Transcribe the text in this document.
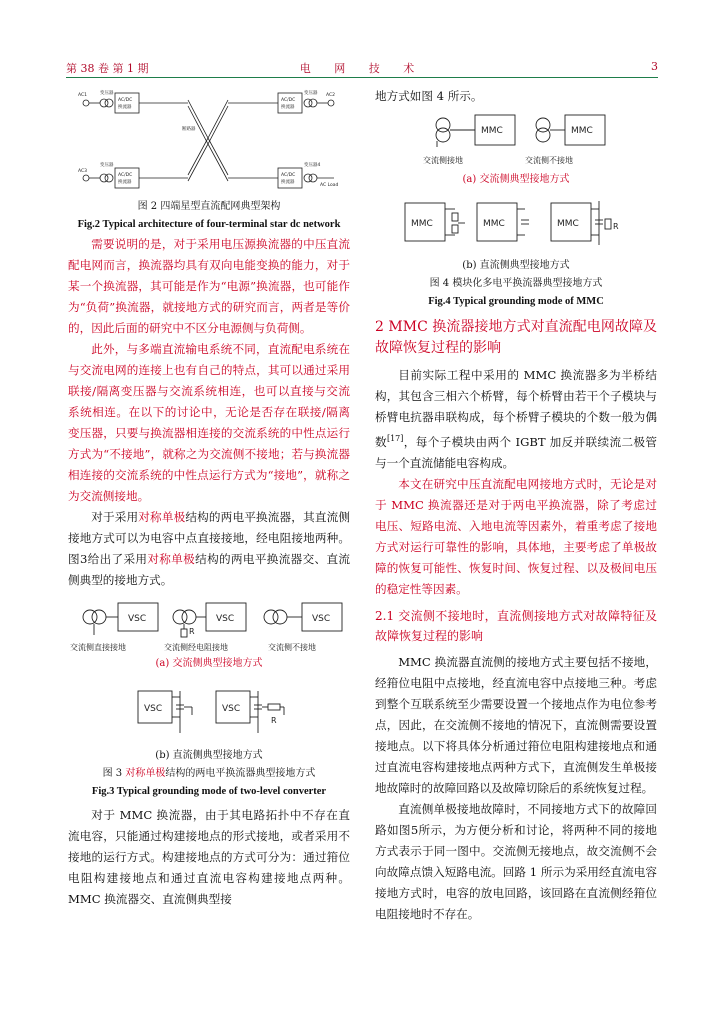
第 38 卷 第 1 期	电 网 技 术	3
AC1	变压器
AC/DC
换流器
AC2
变压器
AC/DC
换流器
AC3
变压器
AC/DC
换流器
变压器4
AC/DC
换流器
AC Load
断路器
图 2 四端星型直流配网典型架构
Fig.2 Typical architecture of four-terminal star dc network

需要说明的是，对于采用电压源换流器的中压直流配电网而言，换流器均具有双向电能变换的能力，对于某一个换流器，其可能是作为“电源”换流器，也可能作为“负荷”换流器，就接地方式的研究而言，两者是等价的，因此后面的研究中不区分电源侧与负荷侧。

此外，与多端直流输电系统不同，直流配电系统在与交流电网的连接上也有自己的特点，其可以通过采用联接/隔离变压器与交流系统相连，也可以直接与交流系统相连。在以下的讨论中，无论是否存在联接/隔离变压器，只要与换流器相连接的交流系统的中性点运行方式为“不接地”，就称之为交流侧不接地；若与换流器相连接的交流系统的中性点运行方式为“接地”，就称之为交流侧接地。

对于采用对称单极结构的两电平换流器，其直流侧接地方式可以为电容中点直接接地，经电阻接地两种。图3给出了采用对称单极结构的两电平换流器交、直流侧典型的接地方式。

VSC	VSC	VSC
R
交流侧直接接地	交流侧经电阻接地	交流侧不接地
(a) 交流侧典型接地方式
VSC	VSC
R
(b) 直流侧典型接地方式
图 3 对称单极结构的两电平换流器典型接地方式
Fig.3 Typical grounding mode of two-level converter

对于 MMC 换流器，由于其电路拓扑中不存在直流电容，只能通过构建接地点的形式接地，或者采用不接地的运行方式。构建接地点的方式可分为：通过箝位电阻构建接地点和通过直流电容构建接地点两种。MMC 换流器交、直流侧典型接

地方式如图 4 所示。

MMC	MMC
交流侧接地	交流侧不接地
(a) 交流侧典型接地方式
MMC	MMC	MMC	R
(b) 直流侧典型接地方式
图 4 模块化多电平换流器典型接地方式
Fig.4 Typical grounding mode of MMC
2 MMC 换流器接地方式对直流配电网故障及故障恢复过程的影响

目前实际工程中采用的 MMC 换流器多为半桥结构，其包含三相六个桥臂，每个桥臂由若干个子模块与桥臂电抗器串联构成，每个桥臂子模块的个数一般为偶数[17]，每个子模块由两个 IGBT 加反并联续流二极管与一个直流储能电容构成。

本文在研究中压直流配电网接地方式时，无论是对于 MMC 换流器还是对于两电平换流器，除了考虑过电压、短路电流、入地电流等因素外，着重考虑了接地方式对运行可靠性的影响，具体地，主要考虑了单极故障的恢复可能性、恢复时间、恢复过程、以及极间电压的稳定性等因素。

2.1 交流侧不接地时，直流侧接地方式对故障特征及故障恢复过程的影响

MMC 换流器直流侧的接地方式主要包括不接地，经箝位电阻中点接地，经直流电容中点接地三种。考虑到整个互联系统至少需要设置一个接地点作为电位参考点，因此，在交流侧不接地的情况下，直流侧需要设置接地点。以下将具体分析通过箝位电阻构建接地点和通过直流电容构建接地点两种方式下，直流侧发生单极接地故障时的故障回路以及故障切除后的系统恢复过程。

直流侧单极接地故障时，不同接地方式下的故障回路如图5所示，为方便分析和讨论，将两种不同的接地方式表示于同一图中。交流侧无接地点，故交流侧不会向故障点馈入短路电流。回路 1 所示为采用经直流电容接地方式时，电容的放电回路，该回路在直流侧经箝位电阻接地时不存在。
